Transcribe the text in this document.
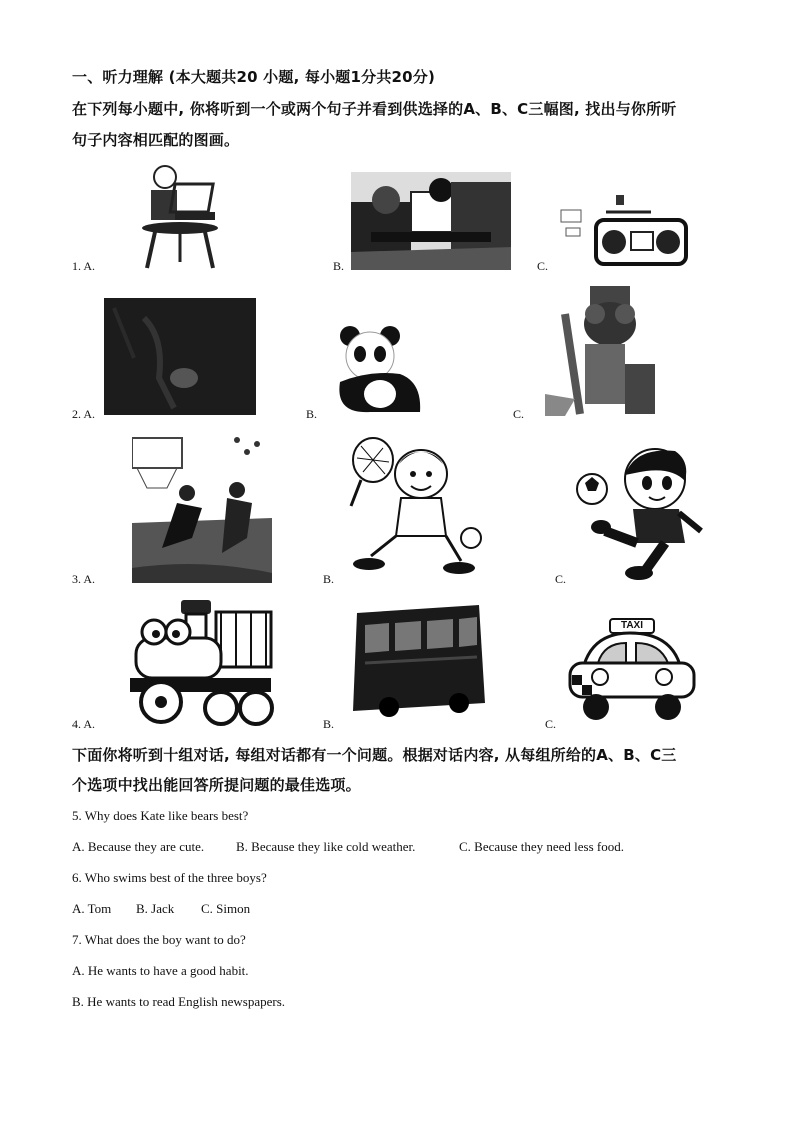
一、听力理解 (本大题共20 小题, 每小题1分共20分)
在下列每小题中, 你将听到一个或两个句子并看到供选择的A、B、C三幅图, 找出与你所听
句子内容相匹配的图画。
1. A.	B.	C.
2. A.	B.	C.
3. A.	B.	C.
4. A.	B.	C.
TAXI
下面你将听到十组对话, 每组对话都有一个问题。根据对话内容, 从每组所给的A、B、C三
个选项中找出能回答所提问题的最佳选项。
5. Why does Kate like bears best?
A. Because they are cute. B. Because they like cold weather.	C. Because they need less food.
6. Who swims best of the three boys?
A. Tom B. Jack C. Simon
7. What does the boy want to do?
A. He wants to have a good habit.
B. He wants to read English newspapers.
